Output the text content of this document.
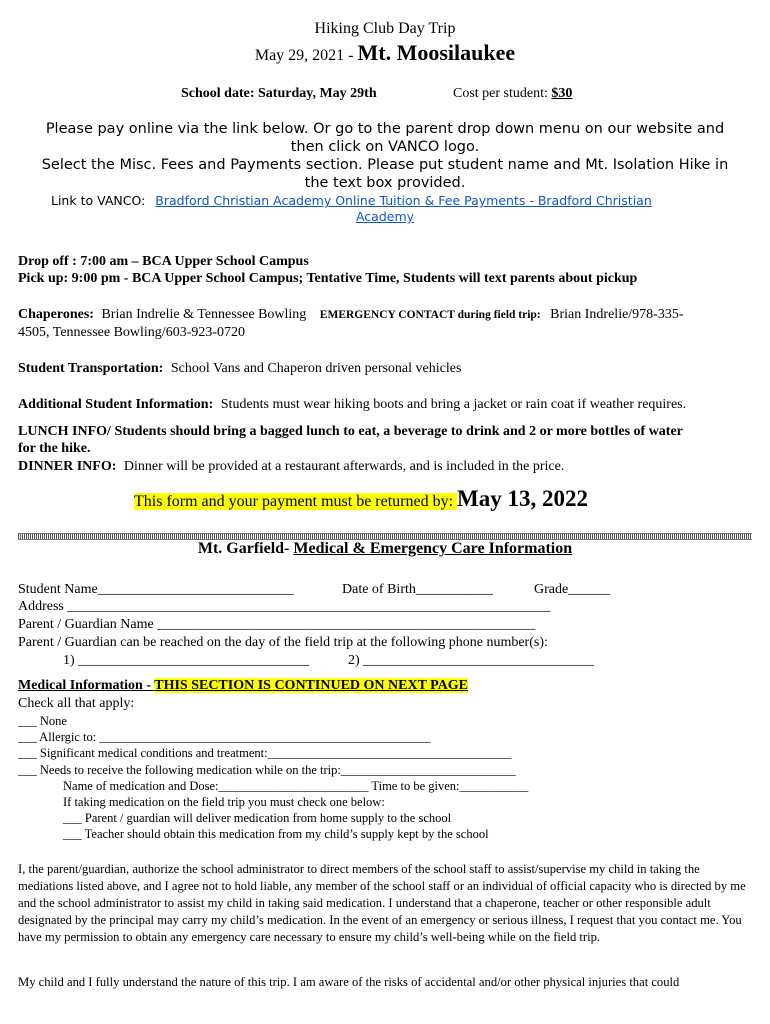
Hiking Club Day Trip
May 29, 2021 - Mt. Moosilaukee
School date: Saturday, May 29th	Cost per student: $30
Please pay online via the link below. Or go to the parent drop down menu on our website and
then click on VANCO logo.
Select the Misc. Fees and Payments section. Please put student name and Mt. Isolation Hike in
the text box provided.
Link to VANCO: Bradford Christian Academy Online Tuition & Fee Payments - Bradford Christian
Academy
Drop off : 7:00 am – BCA Upper School Campus
Pick up: 9:00 pm - BCA Upper School Campus; Tentative Time, Students will text parents about pickup
Chaperones: Brian Indrelie & Tennessee Bowling EMERGENCY CONTACT during field trip: Brian Indrelie/978-335-
4505, Tennessee Bowling/603-923-0720
Student Transportation: School Vans and Chaperon driven personal vehicles
Additional Student Information: Students must wear hiking boots and bring a jacket or rain coat if weather requires.
LUNCH INFO/ Students should bring a bagged lunch to eat, a beverage to drink and 2 or more bottles of water
for the hike.
DINNER INFO: Dinner will be provided at a restaurant afterwards, and is included in the price.
This form and your payment must be returned by: May 13, 2022
Mt. Garfield- Medical & Emergency Care Information
Student Name____________________________	Date of Birth___________	Grade______
Address _____________________________________________________________________
Parent / Guardian Name ______________________________________________________
Parent / Guardian can be reached on the day of the field trip at the following phone number(s):
1) _________________________________	2) _________________________________
Medical Information - THIS SECTION IS CONTINUED ON NEXT PAGE
Check all that apply:
___ None
___ Allergic to: _____________________________________________________
___ Significant medical conditions and treatment:_______________________________________
___ Needs to receive the following medication while on the trip:____________________________
Name of medication and Dose:________________________ Time to be given:___________
If taking medication on the field trip you must check one below:
___ Parent / guardian will deliver medication from home supply to the school
___ Teacher should obtain this medication from my child’s supply kept by the school
I, the parent/guardian, authorize the school administrator to direct members of the school staff to assist/supervise my child in taking the mediations listed above, and I agree not to hold liable, any member of the school staff or an individual of official capacity who is directed by me and the school administrator to assist my child in taking said medication. I understand that a chaperone, teacher or other responsible adult designated by the principal may carry my child’s medication. In the event of an emergency or serious illness, I request that you contact me. You have my permission to obtain any emergency care necessary to ensure my child’s well-being while on the field trip.
My child and I fully understand the nature of this trip. I am aware of the risks of accidental and/or other physical injuries that could
